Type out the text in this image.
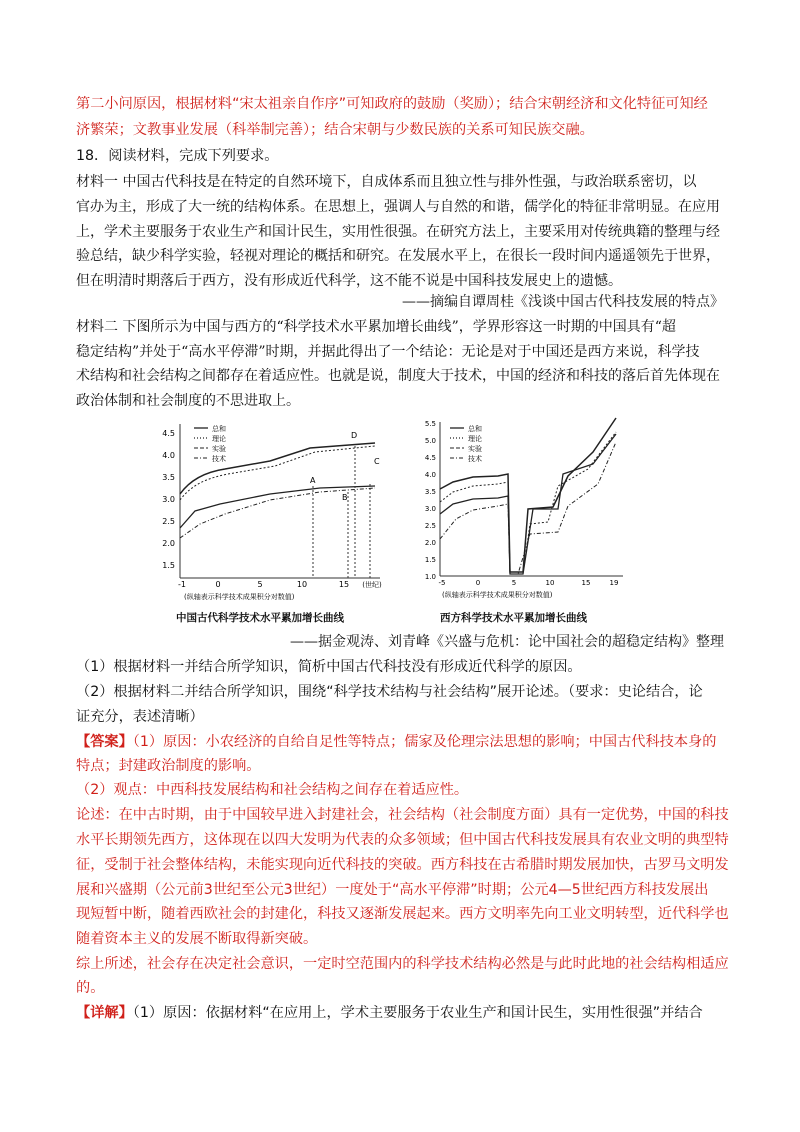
第二小问原因，根据材料“宋太祖亲自作序”可知政府的鼓励（奖励）；结合宋朝经济和文化特征可知经
济繁荣；文教事业发展（科举制完善）；结合宋朝与少数民族的关系可知民族交融。
18．阅读材料，完成下列要求。
材料一 中国古代科技是在特定的自然环境下，自成体系而且独立性与排外性强，与政治联系密切，以
官办为主，形成了大一统的结构体系。在思想上，强调人与自然的和谐，儒学化的特征非常明显。在应用
上，学术主要服务于农业生产和国计民生，实用性很强。在研究方法上，主要采用对传统典籍的整理与经
验总结，缺少科学实验，轻视对理论的概括和研究。在发展水平上，在很长一段时间内遥遥领先于世界，
但在明清时期落后于西方，没有形成近代科学，这不能不说是中国科技发展史上的遗憾。
——摘编自谭周桂《浅谈中国古代科技发展的特点》
材料二 下图所示为中国与西方的“科学技术水平累加增长曲线”，学界形容这一时期的中国具有“超
稳定结构”并处于“高水平停滞”时期，并据此得出了一个结论：无论是对于中国还是西方来说，科学技
术结构和社会结构之间都存在着适应性。也就是说，制度大于技术，中国的经济和科技的落后首先体现在
政治体制和社会制度的不思进取上。
4.5
4.0
3.5
3.0
2.5
2.0
1.5
-1	0	5	10	15 (世纪)
(纵轴表示科学技术成果积分对数值)
总和
理论
实验
技术
A
B
C
D
中国古代科学技术水平累加增长曲线
5.5
5.0
4.5
4.0
3.5
3.0
2.5
2.0
1.5
1.0
-5	0	5	10	15	19
(纵轴表示科学技术成果积分对数值)
总和
理论
实验
技术
西方科学技术水平累加增长曲线
——据金观涛、刘青峰《兴盛与危机：论中国社会的超稳定结构》整理
（1）根据材料一并结合所学知识，简析中国古代科技没有形成近代科学的原因。
（2）根据材料二并结合所学知识，围绕“科学技术结构与社会结构”展开论述。（要求：史论结合，论
证充分，表述清晰）
【答案】（1）原因：小农经济的自给自足性等特点；儒家及伦理宗法思想的影响；中国古代科技本身的
特点；封建政治制度的影响。
（2）观点：中西科技发展结构和社会结构之间存在着适应性。
论述：在中古时期，由于中国较早进入封建社会，社会结构（社会制度方面）具有一定优势，中国的科技
水平长期领先西方，这体现在以四大发明为代表的众多领域；但中国古代科技发展具有农业文明的典型特
征，受制于社会整体结构，未能实现向近代科技的突破。西方科技在古希腊时期发展加快，古罗马文明发
展和兴盛期（公元前3世纪至公元3世纪）一度处于“高水平停滞”时期；公元4—5世纪西方科技发展出
现短暂中断，随着西欧社会的封建化，科技又逐渐发展起来。西方文明率先向工业文明转型，近代科学也
随着资本主义的发展不断取得新突破。
综上所述，社会存在决定社会意识，一定时空范围内的科学技术结构必然是与此时此地的社会结构相适应
的。
【详解】（1）原因：依据材料“在应用上，学术主要服务于农业生产和国计民生，实用性很强”并结合
